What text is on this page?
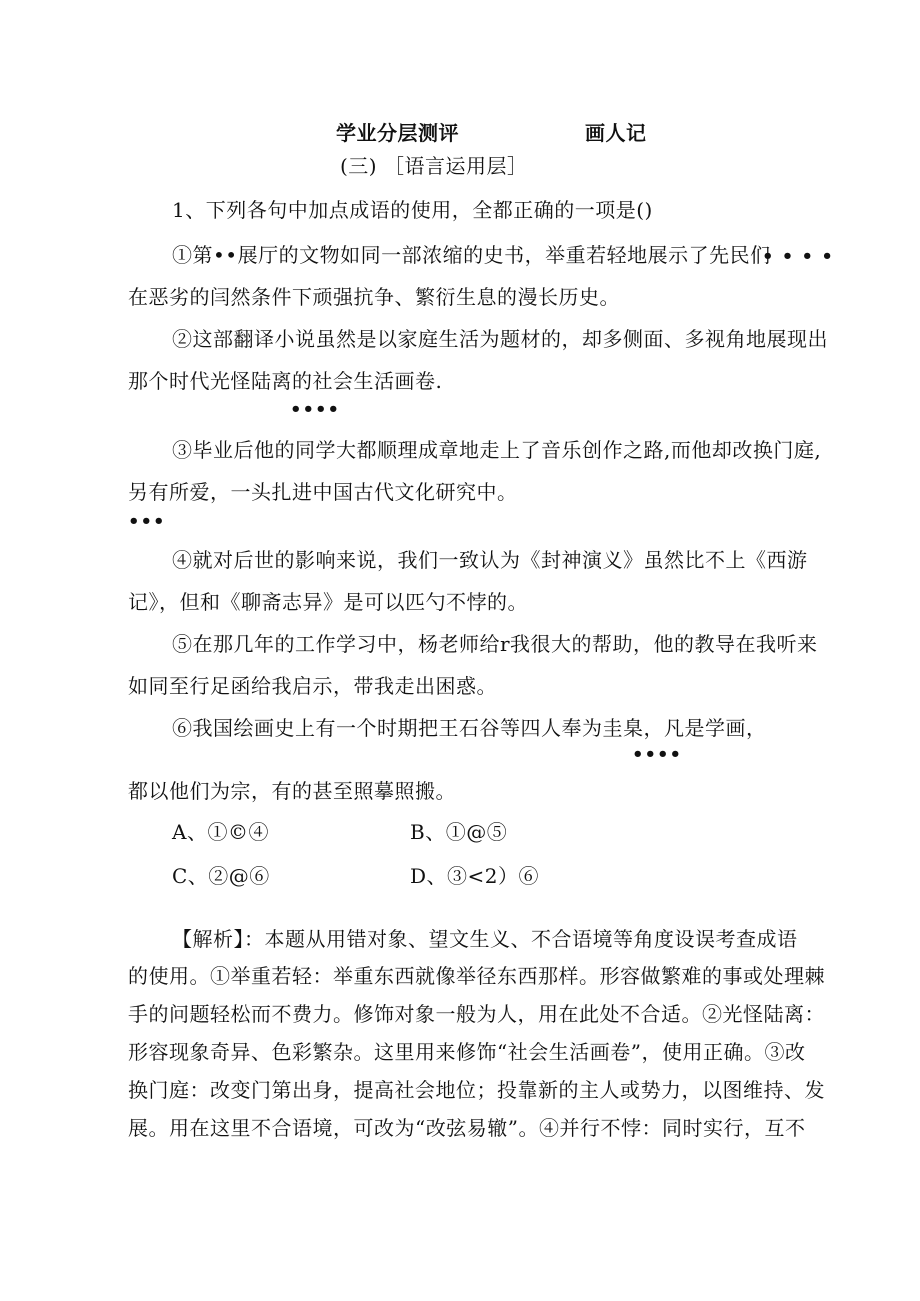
学业分层测评	画人记
(三) ［语言运用层］
1、下列各句中加点成语的使用，全都正确的一项是()
①第••展厅的文物如同一部浓缩的史书，举重若轻地展示了先民们
• • • •
在恶劣的闫然条件下顽强抗争、繁衍生息的漫长历史。
②这部翻译小说虽然是以家庭生活为题材的，却多侧面、多视角地展现出
那个时代光怪陆离的社会生活画卷.
••••
③毕业后他的同学大都顺理成章地走上了音乐创作之路,而他却改换门庭,
另有所爱，一头扎进中国古代文化研究中。
•••
④就对后世的影响来说，我们一致认为《封神演义》虽然比不上《西游
记》，但和《聊斋志异》是可以匹勺不悖的。
⑤在那几年的工作学习中，杨老师给r我很大的帮助，他的教导在我听来
如同至行足函给我启示，带我走出困惑。
⑥我国绘画史上有一个时期把王石谷等四人奉为圭臬，凡是学画，
••••
都以他们为宗，有的甚至照摹照搬。
A、①©④	B、①@⑤
C、②@⑥	D、③<2）⑥
【解析】：本题从用错对象、望文生义、不合语境等角度设误考查成语
的使用。①举重若轻：举重东西就像举径东西那样。形容做繁难的事或处理棘
手的问题轻松而不费力。修饰对象一般为人，用在此处不合适。②光怪陆离：
形容现象奇异、色彩繁杂。这里用来修饰“社会生活画卷”，使用正确。③改
换门庭：改变门第出身，提高社会地位；投靠新的主人或势力，以图维持、发
展。用在这里不合语境，可改为“改弦易辙”。④并行不悖：同时实行，互不
